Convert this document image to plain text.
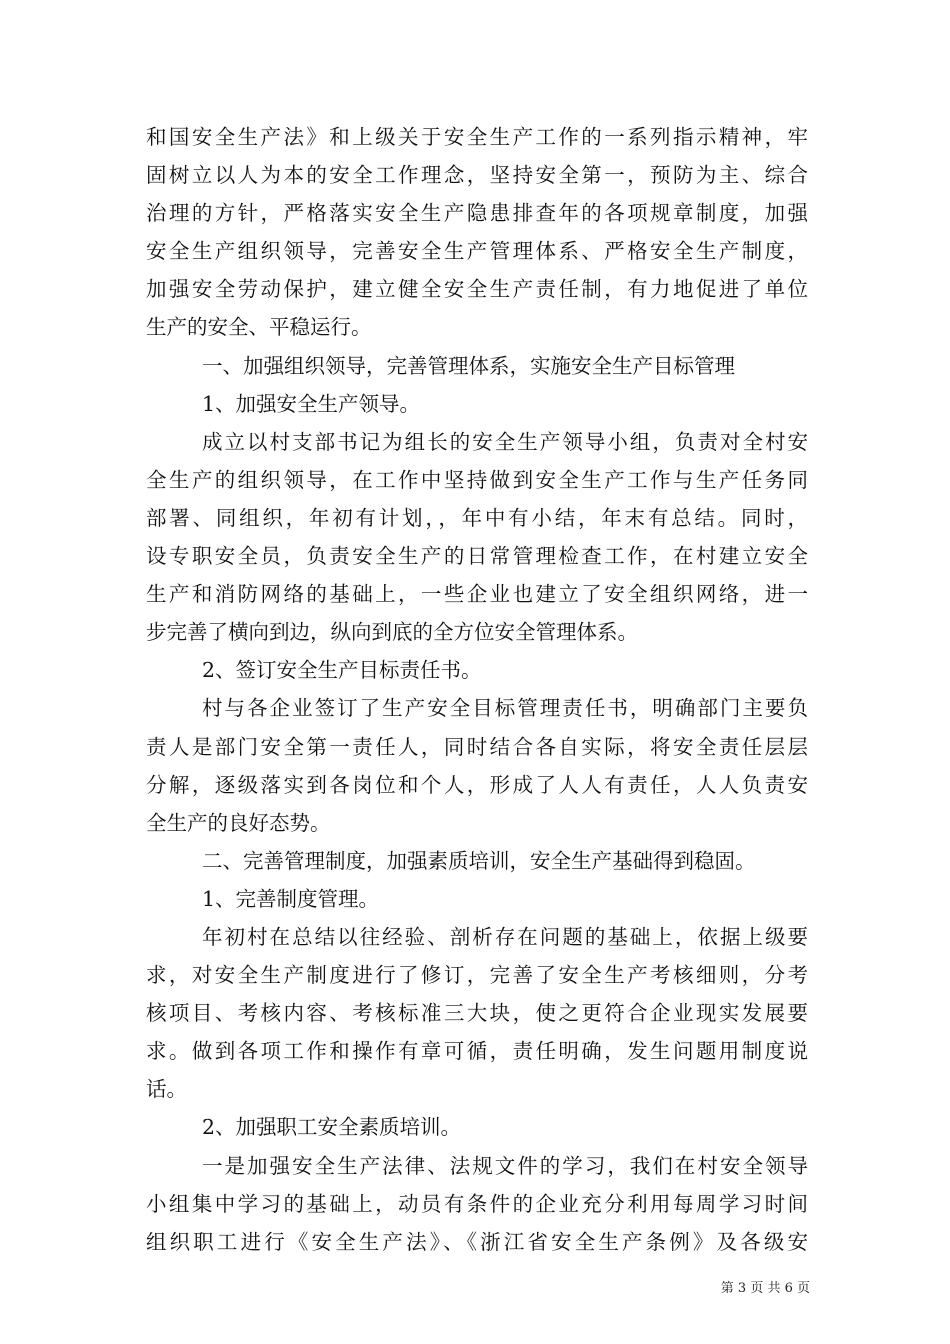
和国安全生产法》和上级关于安全生产工作的一系列指示精神，牢
固树立以人为本的安全工作理念，坚持安全第一，预防为主、综合
治理的方针，严格落实安全生产隐患排查年的各项规章制度，加强
安全生产组织领导，完善安全生产管理体系、严格安全生产制度，
加强安全劳动保护，建立健全安全生产责任制，有力地促进了单位
生产的安全、平稳运行。
一、加强组织领导，完善管理体系，实施安全生产目标管理
1、加强安全生产领导。
成立以村支部书记为组长的安全生产领导小组，负责对全村安
全生产的组织领导，在工作中坚持做到安全生产工作与生产任务同
部署、同组织，年初有计划，，年中有小结，年末有总结。同时，
设专职安全员，负责安全生产的日常管理检查工作，在村建立安全
生产和消防网络的基础上，一些企业也建立了安全组织网络，进一
步完善了横向到边，纵向到底的全方位安全管理体系。
2、签订安全生产目标责任书。
村与各企业签订了生产安全目标管理责任书，明确部门主要负
责人是部门安全第一责任人，同时结合各自实际，将安全责任层层
分解，逐级落实到各岗位和个人，形成了人人有责任，人人负责安
全生产的良好态势。
二、完善管理制度，加强素质培训，安全生产基础得到稳固。
1、完善制度管理。
年初村在总结以往经验、剖析存在问题的基础上，依据上级要
求，对安全生产制度进行了修订，完善了安全生产考核细则，分考
核项目、考核内容、考核标准三大块，使之更符合企业现实发展要
求。做到各项工作和操作有章可循，责任明确，发生问题用制度说
话。
2、加强职工安全素质培训。
一是加强安全生产法律、法规文件的学习，我们在村安全领导
小组集中学习的基础上，动员有条件的企业充分利用每周学习时间
组织职工进行《安全生产法》、《浙江省安全生产条例》及各级安
第 3 页 共 6 页
